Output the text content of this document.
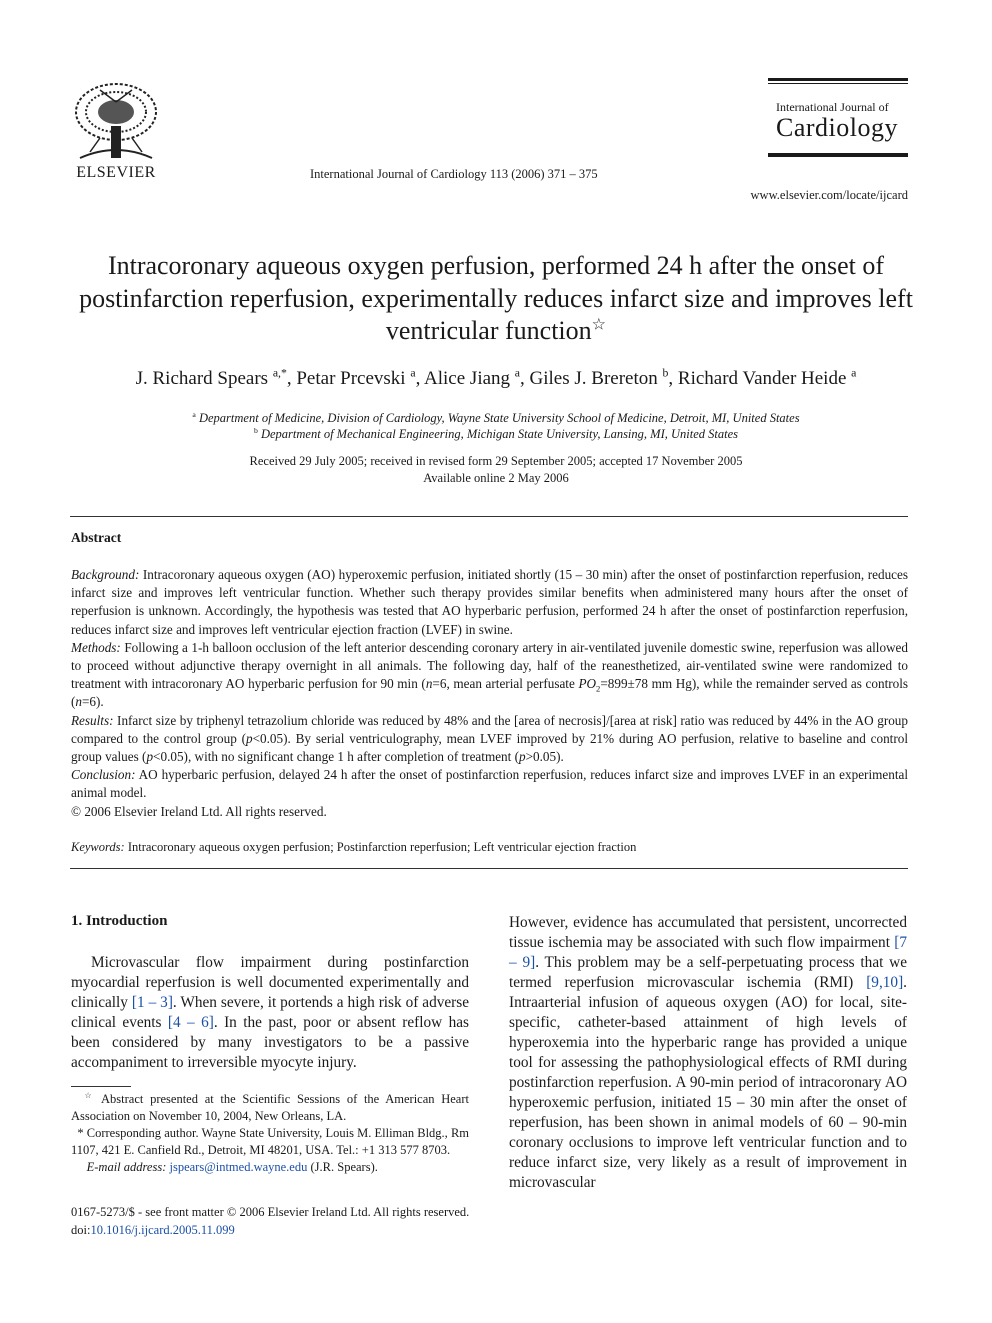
ELSEVIER	International Journal of Cardiology 113 (2006) 371 – 375
International Journal of
Cardiology
www.elsevier.com/locate/ijcard
Intracoronary aqueous oxygen perfusion, performed 24 h after the onset of postinfarction reperfusion, experimentally reduces infarct size and improves left ventricular function☆
J. Richard Spears $^{a,*}$, Petar Prcevski $^a$, Alice Jiang $^a$, Giles J. Brereton $^b$, Richard Vander Heide $^a$
$^a$ Department of Medicine, Division of Cardiology, Wayne State University School of Medicine, Detroit, MI, United States
$^b$ Department of Mechanical Engineering, Michigan State University, Lansing, MI, United States
Received 29 July 2005; received in revised form 29 September 2005; accepted 17 November 2005
Available online 2 May 2006
Abstract

Background: Intracoronary aqueous oxygen (AO) hyperoxemic perfusion, initiated shortly (15 – 30 min) after the onset of postinfarction reperfusion, reduces infarct size and improves left ventricular function. Whether such therapy provides similar benefits when administered many hours after the onset of reperfusion is unknown. Accordingly, the hypothesis was tested that AO hyperbaric perfusion, performed 24 h after the onset of postinfarction reperfusion, reduces infarct size and improves left ventricular ejection fraction (LVEF) in swine.

Methods: Following a 1-h balloon occlusion of the left anterior descending coronary artery in air-ventilated juvenile domestic swine, reperfusion was allowed to proceed without adjunctive therapy overnight in all animals. The following day, half of the reanesthetized, air-ventilated swine were randomized to treatment with intracoronary AO hyperbaric perfusion for 90 min (n=6, mean arterial perfusate $PO_2=899\pm 78$ mm Hg), while the remainder served as controls (n=6).

Results: Infarct size by triphenyl tetrazolium chloride was reduced by 48% and the [area of necrosis]/[area at risk] ratio was reduced by 44% in the AO group compared to the control group (p<0.05). By serial ventriculography, mean LVEF improved by 21% during AO perfusion, relative to baseline and control group values (p<0.05), with no significant change 1 h after completion of treatment (p>0.05).

Conclusion: AO hyperbaric perfusion, delayed 24 h after the onset of postinfarction reperfusion, reduces infarct size and improves LVEF in an experimental animal model.

© 2006 Elsevier Ireland Ltd. All rights reserved.

Keywords: Intracoronary aqueous oxygen perfusion; Postinfarction reperfusion; Left ventricular ejection fraction
1. Introduction

Microvascular flow impairment during postinfarction myocardial reperfusion is well documented experimentally and clinically [1 – 3]. When severe, it portends a high risk of adverse clinical events [4 – 6]. In the past, poor or absent reflow has been considered by many investigators to be a passive accompaniment to irreversible myocyte injury.

However, evidence has accumulated that persistent, uncorrected tissue ischemia may be associated with such flow impairment [7 – 9]. This problem may be a self-perpetuating process that we termed reperfusion microvascular ischemia (RMI) [9,10]. Intraarterial infusion of aqueous oxygen (AO) for local, site-specific, catheter-based attainment of high levels of hyperoxemia into the hyperbaric range has provided a unique tool for assessing the pathophysiological effects of RMI during postinfarction reperfusion. A 90-min period of intracoronary AO hyperoxemic perfusion, initiated 15 – 30 min after the onset of reperfusion, has been shown in animal models of 60 – 90-min coronary occlusions to improve left ventricular function and to reduce infarct size, very likely as a result of improvement in microvascular

☆ Abstract presented at the Scientific Sessions of the American Heart Association on November 10, 2004, New Orleans, LA.

* Corresponding author. Wayne State University, Louis M. Elliman Bldg., Rm 1107, 421 E. Canfield Rd., Detroit, MI 48201, USA. Tel.: +1 313 577 8703.

E-mail address: jspears@intmed.wayne.edu (J.R. Spears).

0167-5273/$ - see front matter © 2006 Elsevier Ireland Ltd. All rights reserved.
doi:10.1016/j.ijcard.2005.11.099
